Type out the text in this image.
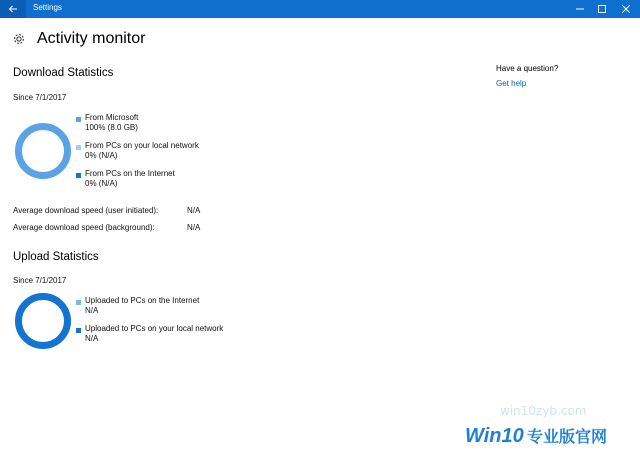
Settings
Activity monitor
Download Statistics
Since 7/1/2017
From Microsoft
100% (8.0 GB)
From PCs on your local network
0% (N/A)
From PCs on the Internet
0% (N/A)
Average download speed (user initiated):	N/A
Average download speed (background):	N/A
Upload Statistics
Since 7/1/2017
Uploaded to PCs on the Internet
N/A
Uploaded to PCs on your local network
N/A
Have a question?
Get help
win10zyb.com
Win10 专业版官网
